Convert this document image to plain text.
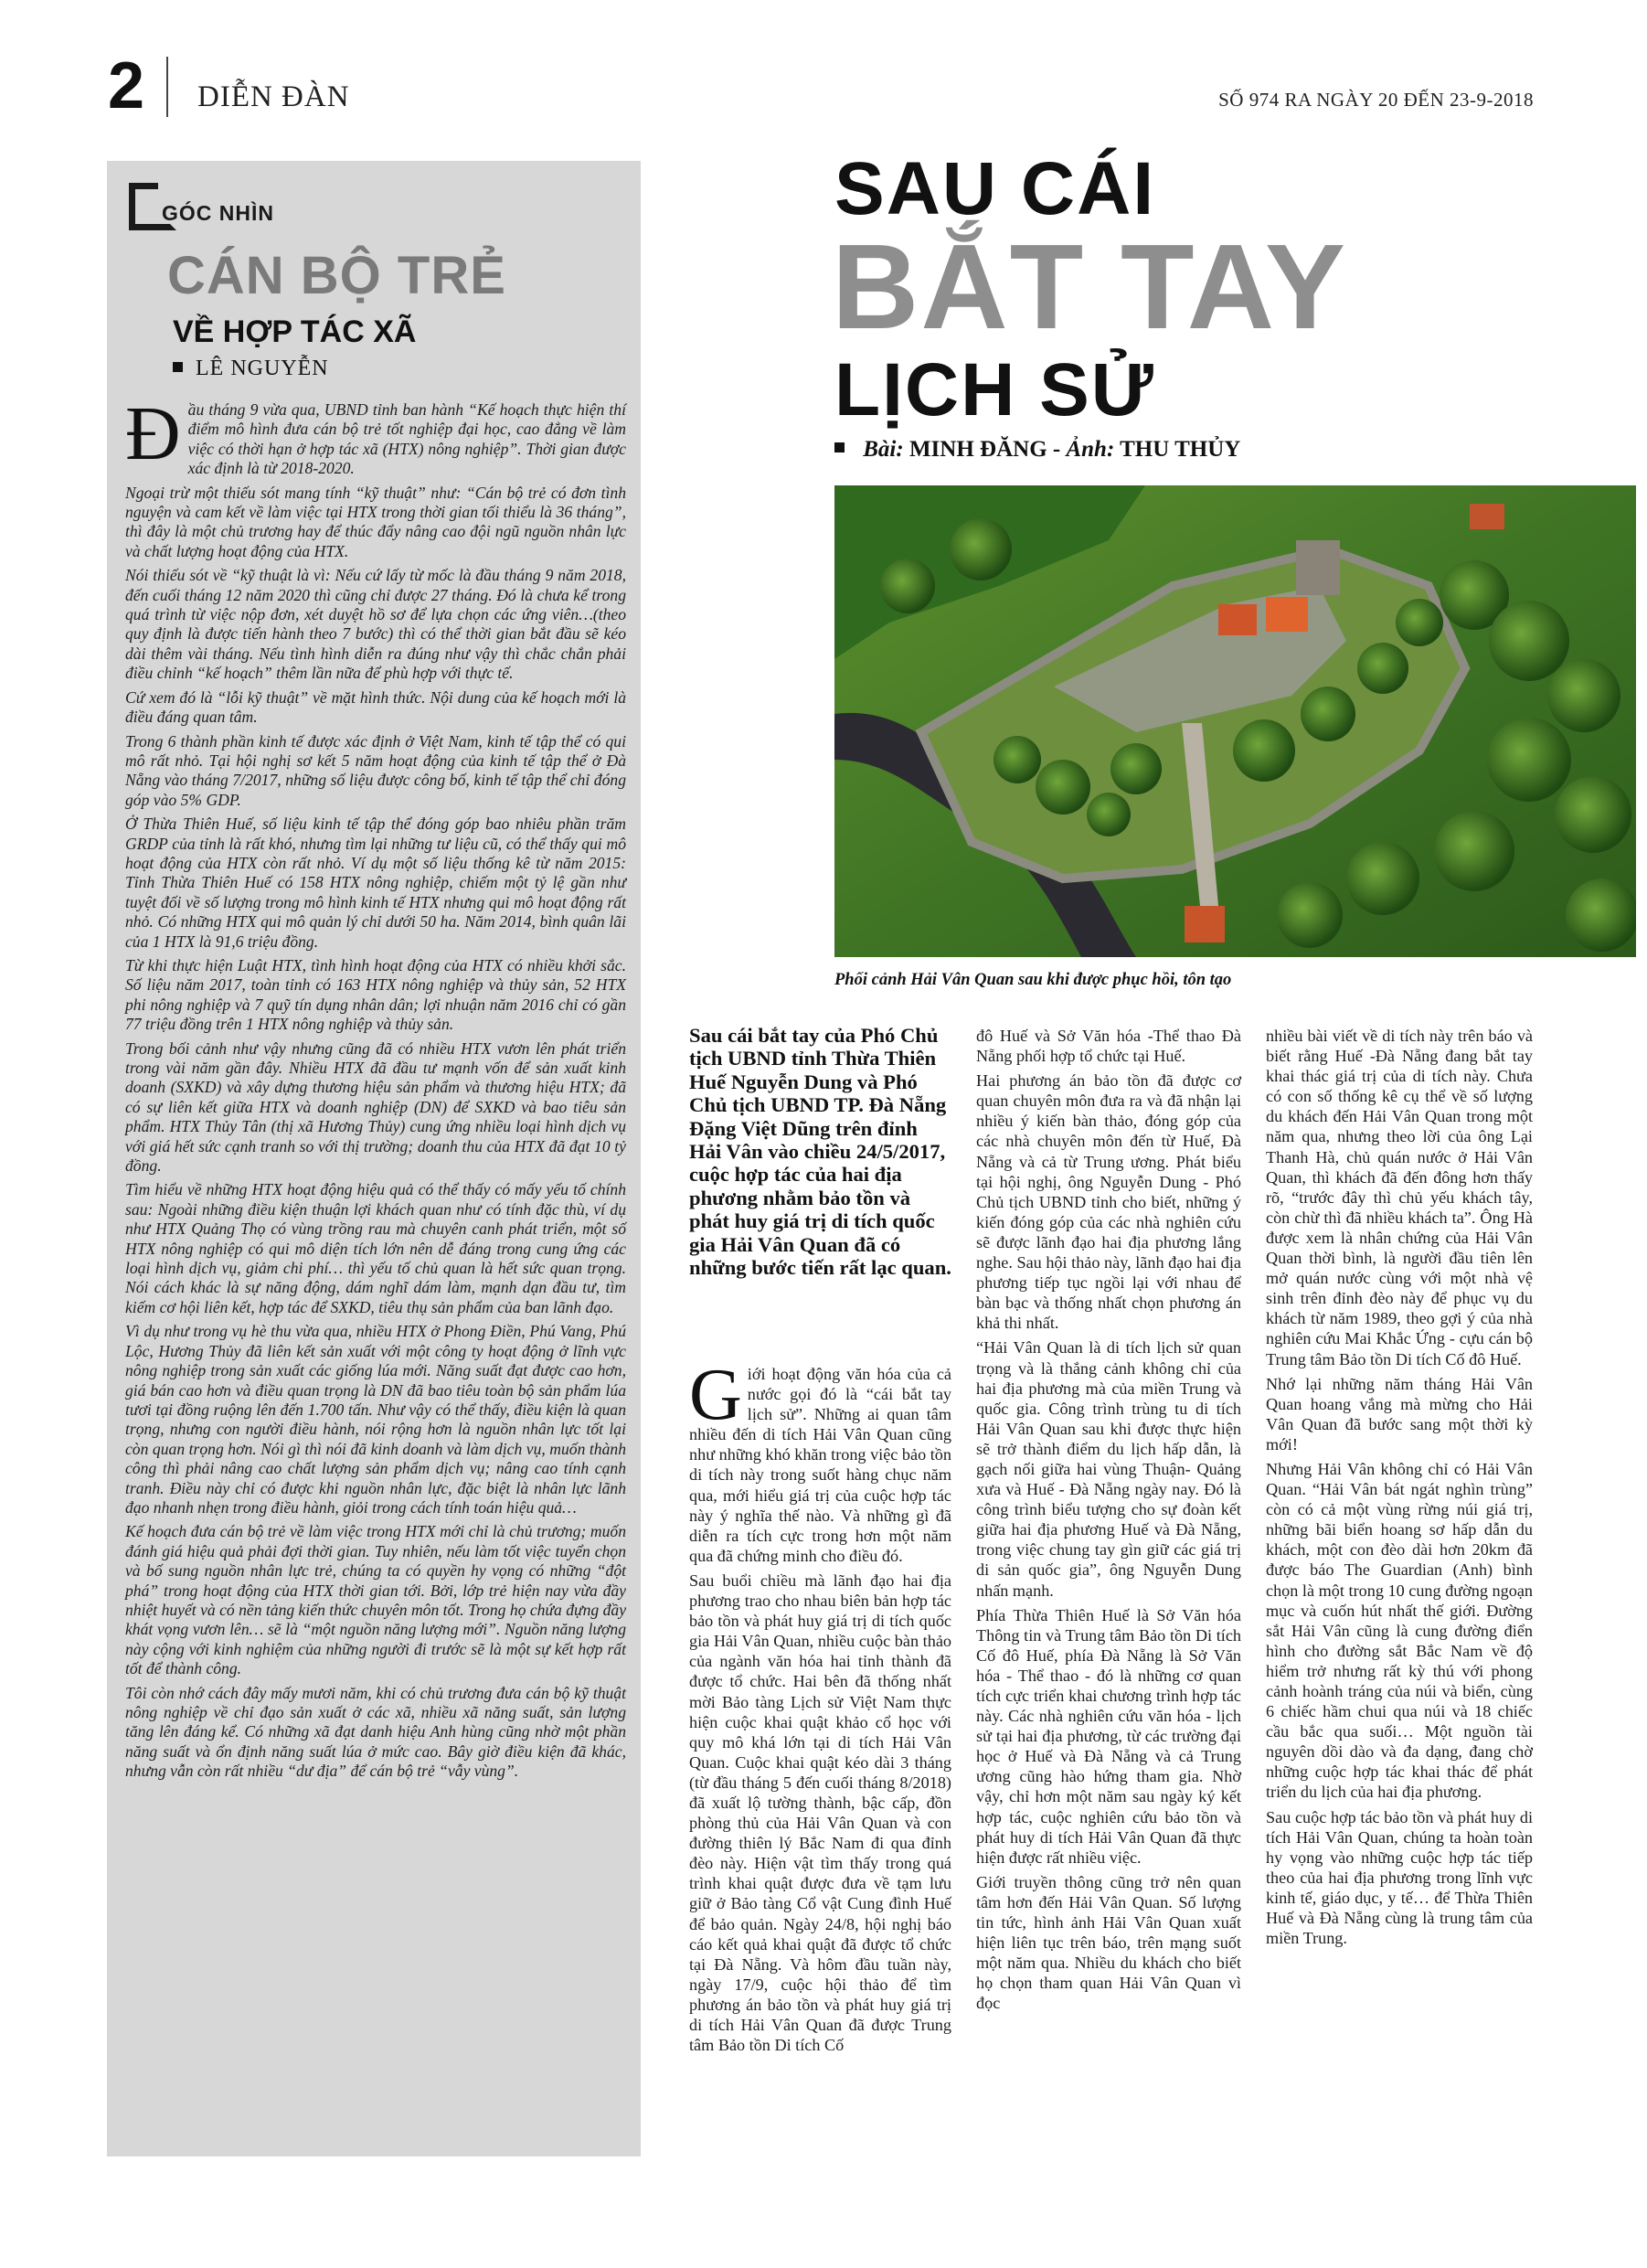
2 DIỄN ĐÀN	SỐ 974 RA NGÀY 20 ĐẾN 23-9-2018
GÓC NHÌN
CÁN BỘ TRẺ
VỀ HỢP TÁC XÃ
LÊ NGUYỄN

Đầu tháng 9 vừa qua, UBND tỉnh ban hành “Kế hoạch thực hiện thí điểm mô hình đưa cán bộ trẻ tốt nghiệp đại học, cao đẳng về làm việc có thời hạn ở hợp tác xã (HTX) nông nghiệp”. Thời gian được xác định là từ 2018-2020.

Ngoại trừ một thiếu sót mang tính “kỹ thuật” như: “Cán bộ trẻ có đơn tình nguyện và cam kết về làm việc tại HTX trong thời gian tối thiểu là 36 tháng”, thì đây là một chủ trương hay để thúc đẩy nâng cao đội ngũ nguồn nhân lực và chất lượng hoạt động của HTX.

Nói thiếu sót về “kỹ thuật là vì: Nếu cứ lấy từ mốc là đầu tháng 9 năm 2018, đến cuối tháng 12 năm 2020 thì cũng chỉ được 27 tháng. Đó là chưa kể trong quá trình từ việc nộp đơn, xét duyệt hồ sơ để lựa chọn các ứng viên…(theo quy định là được tiến hành theo 7 bước) thì có thể thời gian bắt đầu sẽ kéo dài thêm vài tháng. Nếu tình hình diễn ra đúng như vậy thì chắc chắn phải điều chỉnh “kế hoạch” thêm lần nữa để phù hợp với thực tế.

Cứ xem đó là “lỗi kỹ thuật” về mặt hình thức. Nội dung của kế hoạch mới là điều đáng quan tâm.

Trong 6 thành phần kinh tế được xác định ở Việt Nam, kinh tế tập thể có qui mô rất nhỏ. Tại hội nghị sơ kết 5 năm hoạt động của kinh tế tập thể ở Đà Nẵng vào tháng 7/2017, những số liệu được công bố, kinh tế tập thể chỉ đóng góp vào 5% GDP.

Ở Thừa Thiên Huế, số liệu kinh tế tập thể đóng góp bao nhiêu phần trăm GRDP của tỉnh là rất khó, nhưng tìm lại những tư liệu cũ, có thể thấy qui mô hoạt động của HTX còn rất nhỏ. Ví dụ một số liệu thống kê từ năm 2015: Tỉnh Thừa Thiên Huế có 158 HTX nông nghiệp, chiếm một tỷ lệ gần như tuyệt đối về số lượng trong mô hình kinh tế HTX nhưng qui mô hoạt động rất nhỏ. Có những HTX qui mô quản lý chỉ dưới 50 ha. Năm 2014, bình quân lãi của 1 HTX là 91,6 triệu đồng.

Từ khi thực hiện Luật HTX, tình hình hoạt động của HTX có nhiều khởi sắc. Số liệu năm 2017, toàn tỉnh có 163 HTX nông nghiệp và thủy sản, 52 HTX phi nông nghiệp và 7 quỹ tín dụng nhân dân; lợi nhuận năm 2016 chỉ có gần 77 triệu đồng trên 1 HTX nông nghiệp và thủy sản.

Trong bối cảnh như vậy nhưng cũng đã có nhiều HTX vươn lên phát triển trong vài năm gần đây. Nhiều HTX đã đầu tư mạnh vốn để sản xuất kinh doanh (SXKD) và xây dựng thương hiệu sản phẩm và thương hiệu HTX; đã có sự liên kết giữa HTX và doanh nghiệp (DN) để SXKD và bao tiêu sản phẩm. HTX Thủy Tân (thị xã Hương Thủy) cung ứng nhiều loại hình dịch vụ với giá hết sức cạnh tranh so với thị trường; doanh thu của HTX đã đạt 10 tỷ đồng.

Tìm hiểu về những HTX hoạt động hiệu quả có thể thấy có mấy yếu tố chính sau: Ngoài những điều kiện thuận lợi khách quan như có tính đặc thù, ví dụ như HTX Quảng Thọ có vùng trồng rau mà chuyên canh phát triển, một số HTX nông nghiệp có qui mô diện tích lớn nên dễ đáng trong cung ứng các loại hình dịch vụ, giảm chi phí… thì yếu tố chủ quan là hết sức quan trọng. Nói cách khác là sự năng động, dám nghĩ dám làm, mạnh dạn đầu tư, tìm kiếm cơ hội liên kết, hợp tác để SXKD, tiêu thụ sản phẩm của ban lãnh đạo.

Vì dụ như trong vụ hè thu vừa qua, nhiều HTX ở Phong Điền, Phú Vang, Phú Lộc, Hương Thủy đã liên kết sản xuất với một công ty hoạt động ở lĩnh vực nông nghiệp trong sản xuất các giống lúa mới. Năng suất đạt được cao hơn, giá bán cao hơn và điều quan trọng là DN đã bao tiêu toàn bộ sản phẩm lúa tươi tại đồng ruộng lên đến 1.700 tấn. Như vậy có thể thấy, điều kiện là quan trọng, nhưng con người điều hành, nói rộng hơn là nguồn nhân lực tốt lại còn quan trọng hơn. Nói gì thì nói đã kinh doanh và làm dịch vụ, muốn thành công thì phải nâng cao chất lượng sản phẩm dịch vụ; nâng cao tính cạnh tranh. Điều này chỉ có được khi nguồn nhân lực, đặc biệt là nhân lực lãnh đạo nhanh nhẹn trong điều hành, giỏi trong cách tính toán hiệu quả…

Kế hoạch đưa cán bộ trẻ về làm việc trong HTX mới chỉ là chủ trương; muốn đánh giá hiệu quả phải đợi thời gian. Tuy nhiên, nếu làm tốt việc tuyển chọn và bố sung nguồn nhân lực trẻ, chúng ta có quyền hy vọng có những “đột phá” trong hoạt động của HTX thời gian tới. Bởi, lớp trẻ hiện nay vừa đầy nhiệt huyết và có nền tảng kiến thức chuyên môn tốt. Trong họ chứa đựng đầy khát vọng vươn lên… sẽ là “một nguồn năng lượng mới”. Nguồn năng lượng này cộng với kinh nghiệm của những người đi trước sẽ là một sự kết hợp rất tốt để thành công.

Tôi còn nhớ cách đây mấy mươi năm, khi có chủ trương đưa cán bộ kỹ thuật nông nghiệp về chỉ đạo sản xuất ở các xã, nhiều xã năng suất, sản lượng tăng lên đáng kể. Có những xã đạt danh hiệu Anh hùng cũng nhờ một phần năng suất và ổn định năng suất lúa ở mức cao. Bây giờ điều kiện đã khác, nhưng vẫn còn rất nhiều “dư địa” để cán bộ trẻ “vẫy vùng”.

SAU CÁI
BẮT TAY
LỊCH SỬ
Bài: MINH ĐĂNG - Ảnh: THU THỦY
Phối cảnh Hải Vân Quan sau khi được phục hồi, tôn tạo
Sau cái bắt tay của Phó Chủ tịch UBND tỉnh Thừa Thiên Huế Nguyễn Dung và Phó Chủ tịch UBND TP. Đà Nẵng Đặng Việt Dũng trên đỉnh Hải Vân vào chiều 24/5/2017, cuộc hợp tác của hai địa phương nhằm bảo tồn và phát huy giá trị di tích quốc gia Hải Vân Quan đã có những bước tiến rất lạc quan.

Giới hoạt động văn hóa của cả nước gọi đó là “cái bắt tay lịch sử”. Những ai quan tâm nhiều đến di tích Hải Vân Quan cũng như những khó khăn trong việc bảo tồn di tích này trong suốt hàng chục năm qua, mới hiểu giá trị của cuộc hợp tác này ý nghĩa thế nào. Và những gì đã diễn ra tích cực trong hơn một năm qua đã chứng minh cho điều đó.

Sau buổi chiều mà lãnh đạo hai địa phương trao cho nhau biên bản hợp tác bảo tồn và phát huy giá trị di tích quốc gia Hải Vân Quan, nhiều cuộc bàn thảo của ngành văn hóa hai tỉnh thành đã được tổ chức. Hai bên đã thống nhất mời Bảo tàng Lịch sử Việt Nam thực hiện cuộc khai quật khảo cổ học với quy mô khá lớn tại di tích Hải Vân Quan. Cuộc khai quật kéo dài 3 tháng (từ đầu tháng 5 đến cuối tháng 8/2018) đã xuất lộ tường thành, bậc cấp, đồn phòng thủ của Hải Vân Quan và con đường thiên lý Bắc Nam đi qua đỉnh đèo này. Hiện vật tìm thấy trong quá trình khai quật được đưa về tạm lưu giữ ở Bảo tàng Cổ vật Cung đình Huế để bảo quản. Ngày 24/8, hội nghị báo cáo kết quả khai quật đã được tổ chức tại Đà Nẵng. Và hôm đầu tuần này, ngày 17/9, cuộc hội thảo để tìm phương án bảo tồn và phát huy giá trị di tích Hải Vân Quan đã được Trung tâm Bảo tồn Di tích Cố

đô Huế và Sở Văn hóa -Thể thao Đà Nẵng phối hợp tổ chức tại Huế.

Hai phương án bảo tồn đã được cơ quan chuyên môn đưa ra và đã nhận lại nhiều ý kiến bàn thảo, đóng góp của các nhà chuyên môn đến từ Huế, Đà Nẵng và cả từ Trung ương. Phát biểu tại hội nghị, ông Nguyễn Dung - Phó Chủ tịch UBND tỉnh cho biết, những ý kiến đóng góp của các nhà nghiên cứu sẽ được lãnh đạo hai địa phương lắng nghe. Sau hội thảo này, lãnh đạo hai địa phương tiếp tục ngồi lại với nhau để bàn bạc và thống nhất chọn phương án khả thi nhất.

“Hải Vân Quan là di tích lịch sử quan trọng và là thắng cảnh không chỉ của hai địa phương mà của miền Trung và quốc gia. Công trình trùng tu di tích Hải Vân Quan sau khi được thực hiện sẽ trở thành điểm du lịch hấp dẫn, là gạch nối giữa hai vùng Thuận- Quảng xưa và Huế - Đà Nẵng ngày nay. Đó là công trình biểu tượng cho sự đoàn kết giữa hai địa phương Huế và Đà Nẵng, trong việc chung tay gìn giữ các giá trị di sản quốc gia”, ông Nguyễn Dung nhấn mạnh.

Phía Thừa Thiên Huế là Sở Văn hóa Thông tin và Trung tâm Bảo tồn Di tích Cố đô Huế, phía Đà Nẵng là Sở Văn hóa - Thể thao - đó là những cơ quan tích cực triển khai chương trình hợp tác này. Các nhà nghiên cứu văn hóa - lịch sử tại hai địa phương, từ các trường đại học ở Huế và Đà Nẵng và cả Trung ương cũng hào hứng tham gia. Nhờ vậy, chỉ hơn một năm sau ngày ký kết hợp tác, cuộc nghiên cứu bảo tồn và phát huy di tích Hải Vân Quan đã thực hiện được rất nhiều việc.

Giới truyền thông cũng trở nên quan tâm hơn đến Hải Vân Quan. Số lượng tin tức, hình ảnh Hải Vân Quan xuất hiện liên tục trên báo, trên mạng suốt một năm qua. Nhiều du khách cho biết họ chọn tham quan Hải Vân Quan vì đọc

nhiều bài viết về di tích này trên báo và biết rằng Huế -Đà Nẵng đang bắt tay khai thác giá trị của di tích này. Chưa có con số thống kê cụ thể về số lượng du khách đến Hải Vân Quan trong một năm qua, nhưng theo lời của ông Lại Thanh Hà, chủ quán nước ở Hải Vân Quan, thì khách đã đến đông hơn thấy rõ, “trước đây thì chủ yếu khách tây, còn chừ thì đã nhiều khách ta”. Ông Hà được xem là nhân chứng của Hải Vân Quan thời bình, là người đầu tiên lên mở quán nước cùng với một nhà vệ sinh trên đỉnh đèo này để phục vụ du khách từ năm 1989, theo gợi ý của nhà nghiên cứu Mai Khắc Ứng - cựu cán bộ Trung tâm Bảo tồn Di tích Cố đô Huế.

Nhớ lại những năm tháng Hải Vân Quan hoang vắng mà mừng cho Hải Vân Quan đã bước sang một thời kỳ mới!

Nhưng Hải Vân không chỉ có Hải Vân Quan. “Hải Vân bát ngát nghìn trùng” còn có cả một vùng rừng núi giá trị, những bãi biển hoang sơ hấp dẫn du khách, một con đèo dài hơn 20km đã được báo The Guardian (Anh) bình chọn là một trong 10 cung đường ngoạn mục và cuốn hút nhất thế giới. Đường sắt Hải Vân cũng là cung đường điển hình cho đường sắt Bắc Nam về độ hiểm trở nhưng rất kỳ thú với phong cảnh hoành tráng của núi và biển, cùng 6 chiếc hầm chui qua núi và 18 chiếc cầu bắc qua suối… Một nguồn tài nguyên dồi dào và đa dạng, đang chờ những cuộc hợp tác khai thác để phát triển du lịch của hai địa phương.

Sau cuộc hợp tác bảo tồn và phát huy di tích Hải Vân Quan, chúng ta hoàn toàn hy vọng vào những cuộc hợp tác tiếp theo của hai địa phương trong lĩnh vực kinh tế, giáo dục, y tế… để Thừa Thiên Huế và Đà Nẵng cùng là trung tâm của miền Trung.
